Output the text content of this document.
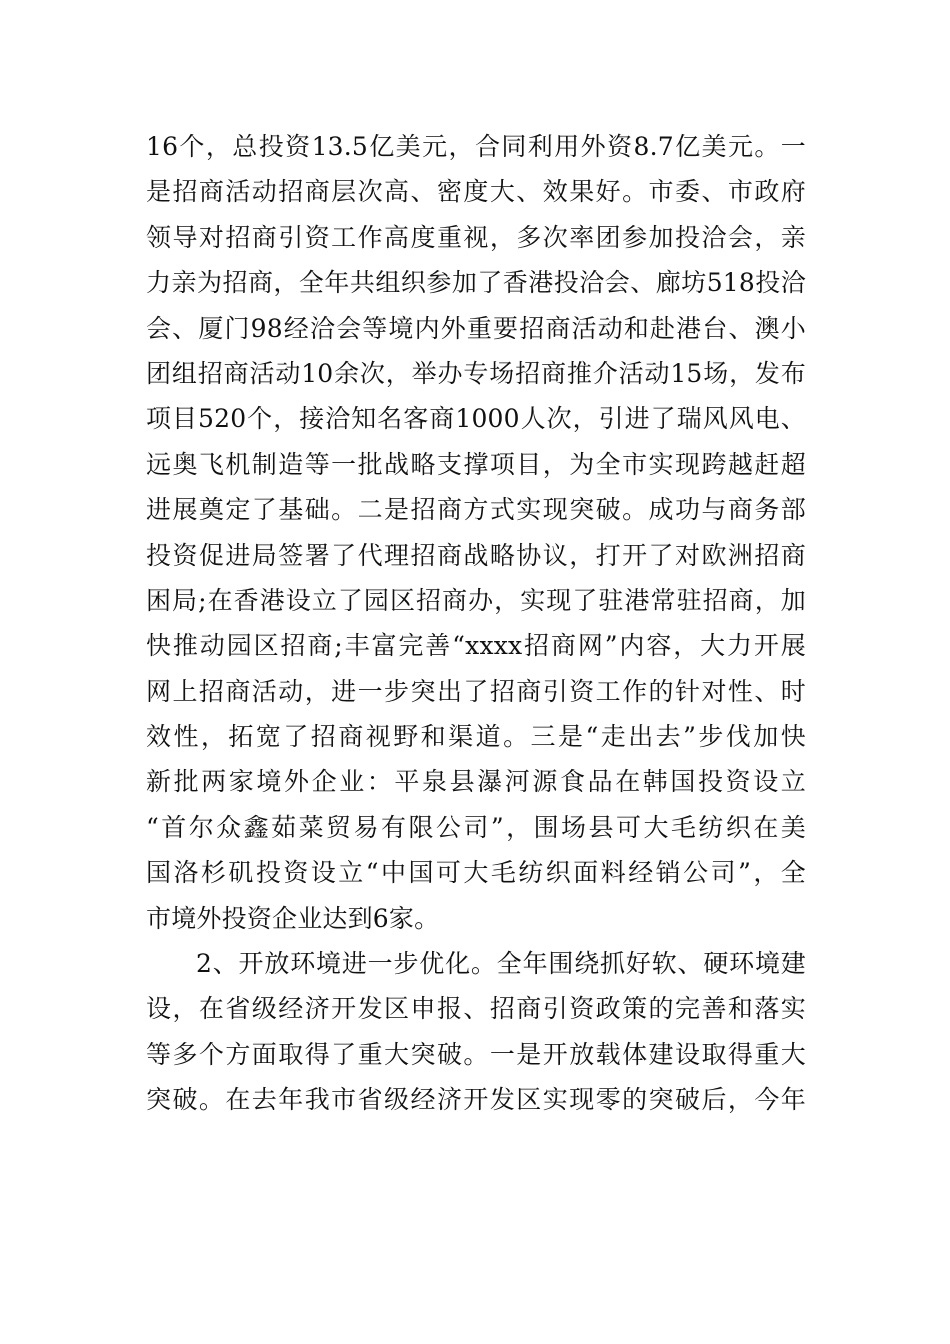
16个，总投资13.5亿美元，合同利用外资8.7亿美元。一
是招商活动招商层次高、密度大、效果好。市委、市政府
领导对招商引资工作高度重视，多次率团参加投洽会，亲
力亲为招商，全年共组织参加了香港投洽会、廊坊518投洽
会、厦门98经洽会等境内外重要招商活动和赴港台、澳小
团组招商活动10余次，举办专场招商推介活动15场，发布
项目520个，接洽知名客商1000人次，引进了瑞风风电、
远奥飞机制造等一批战略支撑项目，为全市实现跨越赶超
进展奠定了基础。二是招商方式实现突破。成功与商务部
投资促进局签署了代理招商战略协议，打开了对欧洲招商
困局;在香港设立了园区招商办，实现了驻港常驻招商，加
快推动园区招商;丰富完善“xxxx招商网”内容，大力开展
网上招商活动，进一步突出了招商引资工作的针对性、时
效性，拓宽了招商视野和渠道。三是“走出去”步伐加快
新批两家境外企业：平泉县瀑河源食品在韩国投资设立
“首尔众鑫茹菜贸易有限公司”，围场县可大毛纺织在美
国洛杉矶投资设立“中国可大毛纺织面料经销公司”，全
市境外投资企业达到6家。
2、开放环境进一步优化。全年围绕抓好软、硬环境建
设，在省级经济开发区申报、招商引资政策的完善和落实
等多个方面取得了重大突破。一是开放载体建设取得重大
突破。在去年我市省级经济开发区实现零的突破后，今年
